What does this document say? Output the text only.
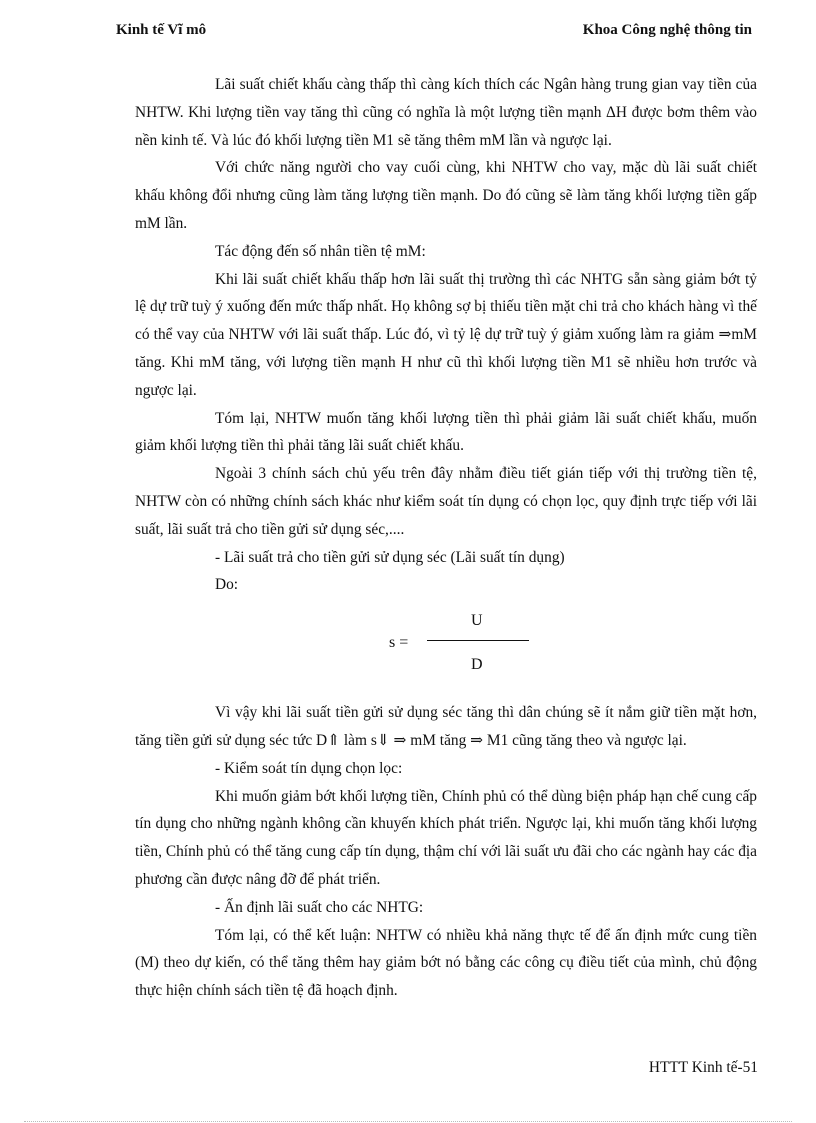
Kinh tế Vĩ mô	Khoa Công nghệ thông tin

Lãi suất chiết khấu càng thấp thì càng kích thích các Ngân hàng trung gian vay tiền của NHTW. Khi lượng tiền vay tăng thì cũng có nghĩa là một lượng tiền mạnh ΔH được bơm thêm vào nền kinh tế. Và lúc đó khối lượng tiền M1 sẽ tăng thêm mM lần và ngược lại.

Với chức năng người cho vay cuối cùng, khi NHTW cho vay, mặc dù lãi suất chiết khấu không đổi nhưng cũng làm tăng lượng tiền mạnh. Do đó cũng sẽ làm tăng khối lượng tiền gấp mM lần.

Tác động đến số nhân tiền tệ mM:

Khi lãi suất chiết khấu thấp hơn lãi suất thị trường thì các NHTG sẵn sàng giảm bớt tỷ lệ dự trữ tuỳ ý xuống đến mức thấp nhất. Họ không sợ bị thiếu tiền mặt chi trả cho khách hàng vì thế có thể vay của NHTW với lãi suất thấp. Lúc đó, vì tỷ lệ dự trữ tuỳ ý giảm xuống làm ra giảm ⇒mM tăng. Khi mM tăng, với lượng tiền mạnh H như cũ thì khối lượng tiền M1 sẽ nhiều hơn trước và ngược lại.

Tóm lại, NHTW muốn tăng khối lượng tiền thì phải giảm lãi suất chiết khấu, muốn giảm khối lượng tiền thì phải tăng lãi suất chiết khấu.

Ngoài 3 chính sách chủ yếu trên đây nhằm điều tiết gián tiếp với thị trường tiền tệ, NHTW còn có những chính sách khác như kiểm soát tín dụng có chọn lọc, quy định trực tiếp với lãi suất, lãi suất trả cho tiền gửi sử dụng séc,....

- Lãi suất trả cho tiền gửi sử dụng séc (Lãi suất tín dụng)

Do:

s =
U
D

Vì vậy khi lãi suất tiền gửi sử dụng séc tăng thì dân chúng sẽ ít nắm giữ tiền mặt hơn, tăng tiền gửi sử dụng séc tức D⇑ làm s⇓ ⇒ mM tăng ⇒ M1 cũng tăng theo và ngược lại.

- Kiểm soát tín dụng chọn lọc:

Khi muốn giảm bớt khối lượng tiền, Chính phủ có thể dùng biện pháp hạn chế cung cấp tín dụng cho những ngành không cần khuyến khích phát triển. Ngược lại, khi muốn tăng khối lượng tiền, Chính phủ có thể tăng cung cấp tín dụng, thậm chí với lãi suất ưu đãi cho các ngành hay các địa phương cần được nâng đỡ để phát triển.

- Ấn định lãi suất cho các NHTG:

Tóm lại, có thể kết luận: NHTW có nhiều khả năng thực tế để ấn định mức cung tiền (M) theo dự kiến, có thể tăng thêm hay giảm bớt nó bằng các công cụ điều tiết của mình, chủ động thực hiện chính sách tiền tệ đã hoạch định.

HTTT Kinh tế-51
